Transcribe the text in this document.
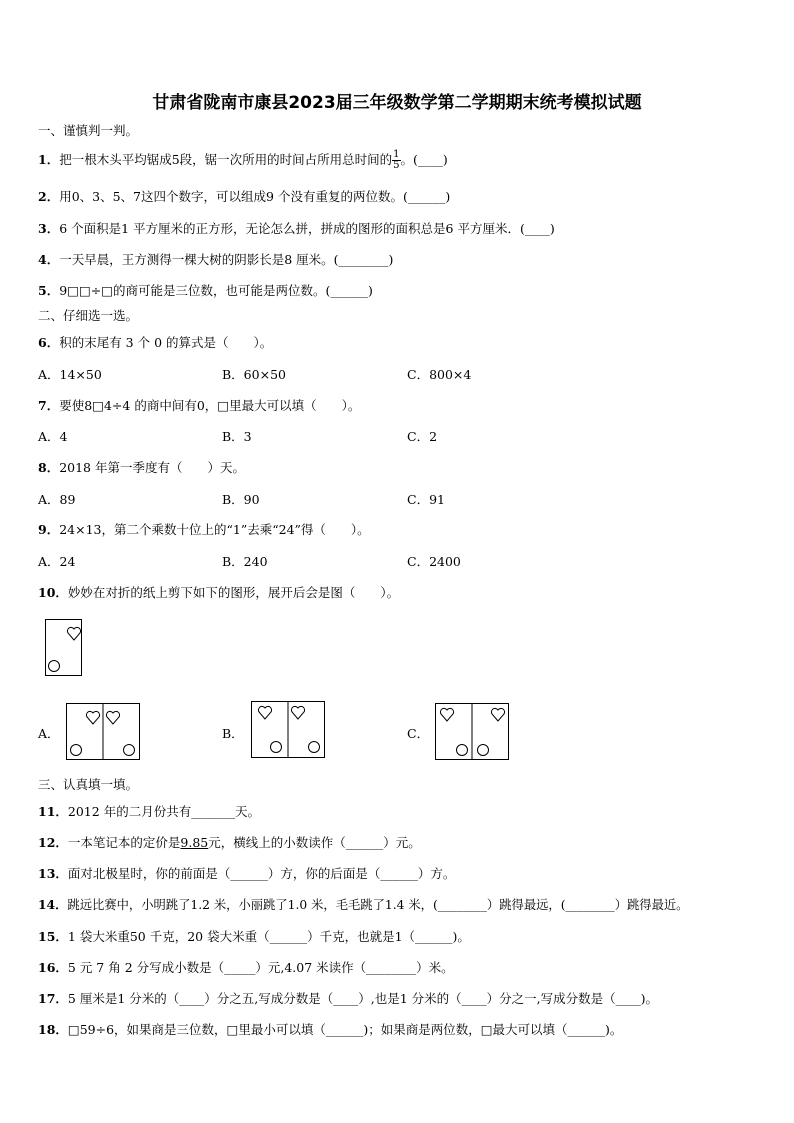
甘肃省陇南市康县2023届三年级数学第二学期期末统考模拟试题
一、谨慎判一判。
1．把一根木头平均锯成5段，锯一次所用的时间占所用总时间的 $\frac{1}{5}$ 。(____)
2．用0、3、5、7这四个数字，可以组成9 个没有重复的两位数。(______)
3．6 个面积是1 平方厘米的正方形，无论怎么拼，拼成的图形的面积总是6 平方厘米．(____)
4．一天早晨，王方测得一棵大树的阴影长是8 厘米。(________)
5．9□□÷□的商可能是三位数，也可能是两位数。(______)
二、仔细选一选。
6．积的末尾有 3 个 0 的算式是（　　）。
A．14×50	B．60×50	C．800×4
7．要使8□4÷4 的商中间有0，□里最大可以填（　　）。
A．4	B．3	C．2
8．2018 年第一季度有（　　）天。
A．89	B．90	C．91
9．24×13，第二个乘数十位上的“1”去乘“24”得（　　）。
A．24	B．240	C．2400
10．妙妙在对折的纸上剪下如下的图形，展开后会是图（　　）。
A．	B．	C．
三、认真填一填。
11．2012 年的二月份共有_______天。
12．一本笔记本的定价是9.85元，横线上的小数读作（______）元。
13．面对北极星时，你的前面是（______）方，你的后面是（______）方。
14．跳远比赛中，小明跳了1.2 米，小丽跳了1.0 米，毛毛跳了1.4 米，(________）跳得最远，(________）跳得最近。
15．1 袋大米重50 千克，20 袋大米重（______）千克，也就是1（______)。
16．5 元 7 角 2 分写成小数是（_____）元,4.07 米读作（________）米。
17．5 厘米是1 分米的（____）分之五,写成分数是（____）,也是1 分米的（____）分之一,写成分数是（____)。
18．□59÷6，如果商是三位数，□里最小可以填（______)；如果商是两位数，□最大可以填（______)。
